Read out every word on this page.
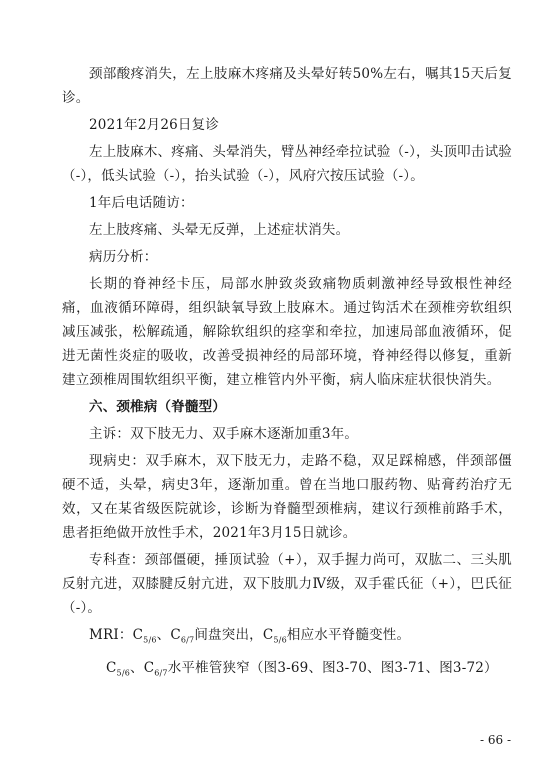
颈部酸疼消失，左上肢麻木疼痛及头晕好转50%左右，嘱其15天后复诊。

2021年2月26日复诊

左上肢麻木、疼痛、头晕消失，臂丛神经牵拉试验（-），头顶叩击试验（-），低头试验（-），抬头试验（-），风府穴按压试验（-）。

1年后电话随访：

左上肢疼痛、头晕无反弹，上述症状消失。

病历分析：

长期的脊神经卡压，局部水肿致炎致痛物质刺激神经导致根性神经痛，血液循环障碍，组织缺氧导致上肢麻木。通过钩活术在颈椎旁软组织减压减张，松解疏通，解除软组织的痉挛和牵拉，加速局部血液循环，促进无菌性炎症的吸收，改善受损神经的局部环境，脊神经得以修复，重新建立颈椎周围软组织平衡，建立椎管内外平衡，病人临床症状很快消失。

六、颈椎病（脊髓型）

主诉：双下肢无力、双手麻木逐渐加重3年。

现病史：双手麻木，双下肢无力，走路不稳，双足踩棉感，伴颈部僵硬不适，头晕，病史3年，逐渐加重。曾在当地口服药物、贴膏药治疗无效，又在某省级医院就诊，诊断为脊髓型颈椎病，建议行颈椎前路手术，患者拒绝做开放性手术，2021年3月15日就诊。

专科查：颈部僵硬，捶顶试验（+），双手握力尚可，双肱二、三头肌反射亢进，双膝腱反射亢进，双下肢肌力Ⅳ级，双手霍氏征（+），巴氏征（-）。

MRI：$C_{5/6}$、$C_{6/7}$间盘突出，$C_{5/6}$相应水平脊髓变性。

$C_{5/6}$、$C_{6/7}$水平椎管狭窄（图3-69、图3-70、图3-71、图3-72）

- 66 -
